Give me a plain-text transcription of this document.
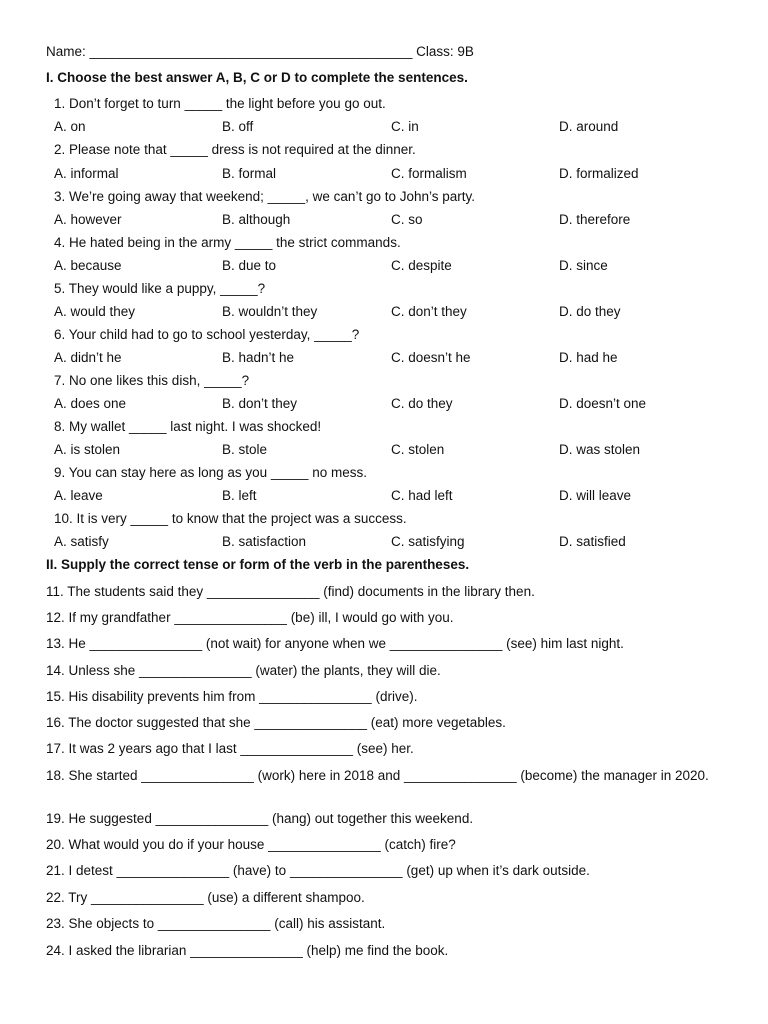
Name: ___________________________________________ Class: 9B
I. Choose the best answer A, B, C or D to complete the sentences.
1. Don’t forget to turn _____ the light before you go out.
A. on	B. off	C. in	D. around
2. Please note that _____ dress is not required at the dinner.
A. informal	B. formal	C. formalism	D. formalized
3. We’re going away that weekend; _____, we can’t go to John’s party.
A. however	B. although	C. so	D. therefore
4. He hated being in the army _____ the strict commands.
A. because	B. due to	C. despite	D. since
5. They would like a puppy, _____?
A. would they	B. wouldn’t they	C. don’t they	D. do they
6. Your child had to go to school yesterday, _____?
A. didn’t he	B. hadn’t he	C. doesn’t he	D. had he
7. No one likes this dish, _____?
A. does one	B. don’t they	C. do they	D. doesn’t one
8. My wallet _____ last night. I was shocked!
A. is stolen	B. stole	C. stolen	D. was stolen
9. You can stay here as long as you _____ no mess.
A. leave	B. left	C. had left	D. will leave
10. It is very _____ to know that the project was a success.
A. satisfy	B. satisfaction	C. satisfying	D. satisfied
II. Supply the correct tense or form of the verb in the parentheses.
11. The students said they _______________ (find) documents in the library then.
12. If my grandfather _______________ (be) ill, I would go with you.
13. He _______________ (not wait) for anyone when we _______________ (see) him last night.
14. Unless she _______________ (water) the plants, they will die.
15. His disability prevents him from _______________ (drive).
16. The doctor suggested that she _______________ (eat) more vegetables.
17. It was 2 years ago that I last _______________ (see) her.
18. She started _______________ (work) here in 2018 and _______________ (become) the manager in 2020.
19. He suggested _______________ (hang) out together this weekend.
20. What would you do if your house _______________ (catch) fire?
21. I detest _______________ (have) to _______________ (get) up when it’s dark outside.
22. Try _______________ (use) a different shampoo.
23. She objects to _______________ (call) his assistant.
24. I asked the librarian _______________ (help) me find the book.
